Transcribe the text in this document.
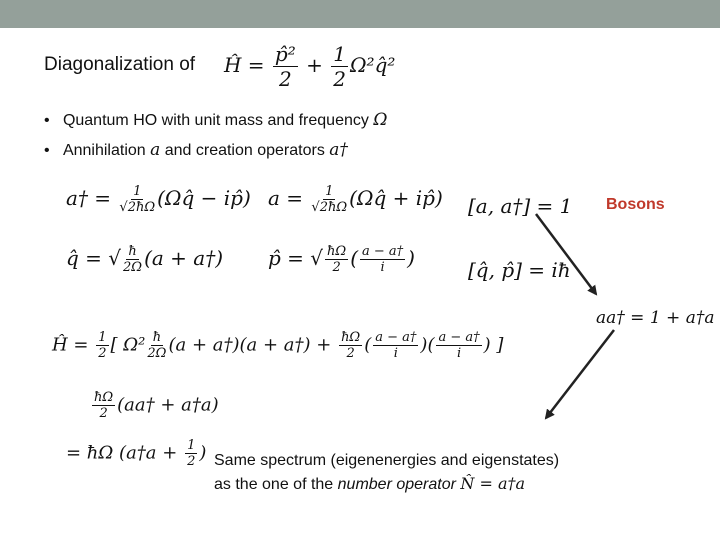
Diagonalization of Ĥ = $\frac{\text{p̂²}}{2} + \frac{1}{2}$ Ω²q̂²
•   Quantum HO with unit mass and frequency Ω
•   Annihilation a and creation operators a†
a† = $\frac{1}{√2ħ\Omega}$ (Ωq̂ − ip̂) $a = \frac{1}{√2ħ\Omega}$ (Ωq̂ + ip̂) [a, a†] = 1 Bosons
q̂ = √ $\frac{ħ}{2\Omega} (a$ + a†) p̂ = √ $\frac{ħ\Omega}{2}$ ( $\frac{a - a\dagger}{i}$ )	[q̂, p̂] = iħ
aa† = 1 + a†a
Ĥ = $\frac{1}{2}$ [ $\Omega^2 \frac{ħ}{2\Omega} (a$ + a†)(a + a†) + $\frac{ħ\Omega}{2}$ ( $\frac{a - a\dagger}{i}$ )( $\frac{a - a\dagger}{i}$ ) ]
$\frac{ħ\Omega}{2}$ (aa† + a†a)
= ħΩ (a†a + $\frac{1}{2}$ ) Same spectrum (eigenenergies and eigenstates)
as the one of the number operator N̂ = a†a
